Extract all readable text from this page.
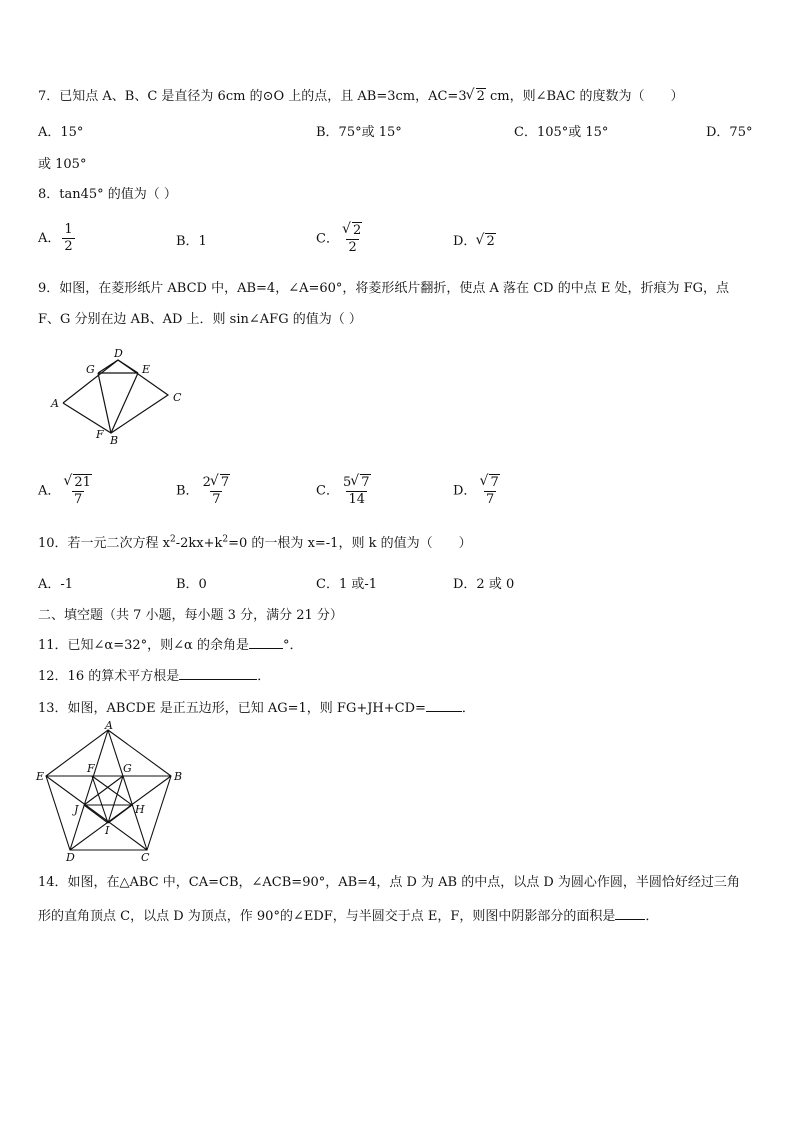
7．已知点 A、B、C 是直径为 6cm 的⊙O 上的点，且 AB=3cm，AC=3 √ 2 cm，则∠BAC 的度数为（　　）
A．15°	B．75°或 15°	C．105°或 15°	D．75°
或 105°
8．tan45° 的值为（ ）
A． $\frac{1}{2}$	B．1	C． √ $\frac{2}{2}$	D． √ 2
9．如图，在菱形纸片 ABCD 中，AB=4，∠A=60°，将菱形纸片翻折，使点 A 落在 CD 的中点 E 处，折痕为 FG，点
F、G 分别在边 AB、AD 上．则 sin∠AFG 的值为（ ）
A
D
E
C
G
F B
A． √ $\frac{21}{7}$	B． $\frac{2 √ 7}{7}$	C． $\frac{5 √ 7}{14}$	D． √ $\frac{7}{7}$
10．若一元二次方程 $x^2-2kx+k^2=0$ 的一根为 x=-1，则 k 的值为（　　）
A．-1	B．0	C．1 或-1	D．2 或 0
二、填空题（共 7 小题，每小题 3 分，满分 21 分）
11．已知∠α=32°，则∠α 的余角是	°．
12．16 的算术平方根是	．
13．如图，ABCDE 是正五边形，已知 AG=1，则 FG+JH+CD=	．
A
B
C
D
E
F	G
H
I
J
14．如图，在△ABC 中，CA=CB，∠ACB=90°，AB=4，点 D 为 AB 的中点，以点 D 为圆心作圆，半圆恰好经过三角
形的直角顶点 C，以点 D 为顶点，作 90°的∠EDF，与半圆交于点 E，F，则图中阴影部分的面积是 ．
